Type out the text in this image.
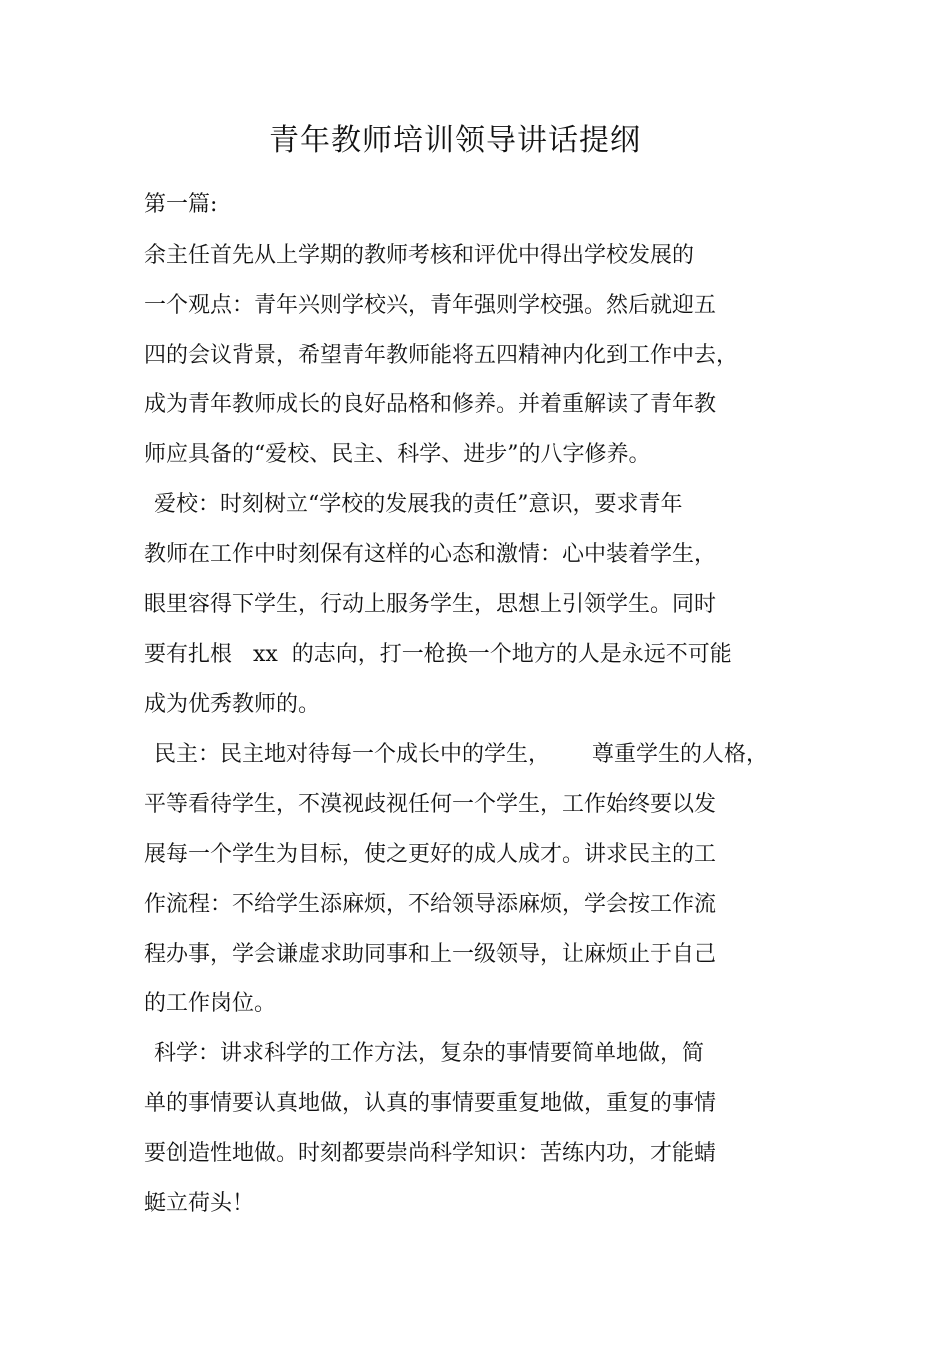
青年教师培训领导讲话提纲

第一篇:

余主任首先从上学期的教师考核和评优中得出学校发展的

一个观点：青年兴则学校兴，青年强则学校强。然后就迎五

四的会议背景，希望青年教师能将五四精神内化到工作中去，

成为青年教师成长的良好品格和修养。并着重解读了青年教

师应具备的“爱校、民主、科学、进步”的八字修养。

爱校：时刻树立“学校的发展我的责任”意识，要求青年

教师在工作中时刻保有这样的心态和激情：心中装着学生，

眼里容得下学生，行动上服务学生，思想上引领学生。同时

要有扎根   xx  的志向，打一枪换一个地方的人是永远不可能

成为优秀教师的。

民主：民主地对待每一个成长中的学生，      尊重学生的人格，

平等看待学生，不漠视歧视任何一个学生，工作始终要以发

展每一个学生为目标，使之更好的成人成才。讲求民主的工

作流程：不给学生添麻烦，不给领导添麻烦，学会按工作流

程办事，学会谦虚求助同事和上一级领导，让麻烦止于自己

的工作岗位。

科学：讲求科学的工作方法，复杂的事情要简单地做，简

单的事情要认真地做，认真的事情要重复地做，重复的事情

要创造性地做。时刻都要崇尚科学知识：苦练内功，才能蜻

蜓立荷头！
